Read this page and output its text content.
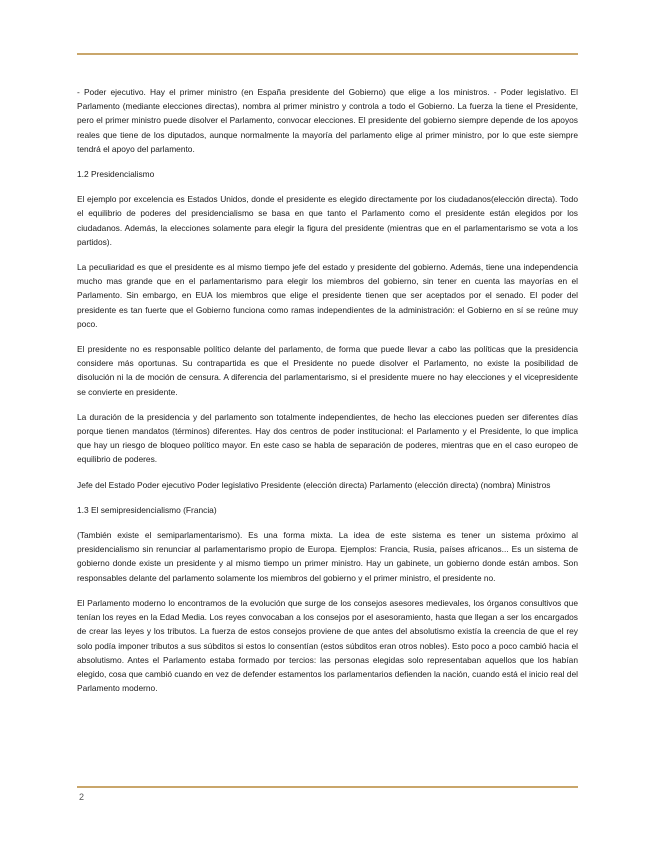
- Poder ejecutivo. Hay el primer ministro (en España presidente del Gobierno) que elige a los ministros. - Poder legislativo. El Parlamento (mediante elecciones directas), nombra al primer ministro y controla a todo el Gobierno. La fuerza la tiene el Presidente, pero el primer ministro puede disolver el Parlamento, convocar elecciones. El presidente del gobierno siempre depende de los apoyos reales que tiene de los diputados, aunque normalmente la mayoría del parlamento elige al primer ministro, por lo que este siempre tendrá el apoyo del parlamento.

1.2 Presidencialismo

El ejemplo por excelencia es Estados Unidos, donde el presidente es elegido directamente por los ciudadanos(elección directa). Todo el equilibrio de poderes del presidencialismo se basa en que tanto el Parlamento como el presidente están elegidos por los ciudadanos. Además, la elecciones solamente para elegir la figura del presidente (mientras que en el parlamentarismo se vota a los partidos).

La peculiaridad es que el presidente es al mismo tiempo jefe del estado y presidente del gobierno. Además, tiene una independencia mucho mas grande que en el parlamentarismo para elegir los miembros del gobierno, sin tener en cuenta las mayorías en el Parlamento. Sin embargo, en EUA los miembros que elige el presidente tienen que ser aceptados por el senado. El poder del presidente es tan fuerte que el Gobierno funciona como ramas independientes de la administración: el Gobierno en sí se reúne muy poco.

El presidente no es responsable político delante del parlamento, de forma que puede llevar a cabo las políticas que la presidencia considere más oportunas. Su contrapartida es que el Presidente no puede disolver el Parlamento, no existe la posibilidad de disolución ni la de moción de censura. A diferencia del parlamentarismo, si el presidente muere no hay elecciones y el vicepresidente se convierte en presidente.

La duración de la presidencia y del parlamento son totalmente independientes, de hecho las elecciones pueden ser diferentes días porque tienen mandatos (términos) diferentes. Hay dos centros de poder institucional: el Parlamento y el Presidente, lo que implica que hay un riesgo de bloqueo político mayor. En este caso se habla de separación de poderes, mientras que en el caso europeo de equilibrio de poderes.

Jefe del Estado Poder ejecutivo Poder legislativo Presidente (elección directa) Parlamento (elección directa) (nombra) Ministros

1.3 El semipresidencialismo (Francia)

(También existe el semiparlamentarismo). Es una forma mixta. La idea de este sistema es tener un sistema próximo al presidencialismo sin renunciar al parlamentarismo propio de Europa. Ejemplos: Francia, Rusia, países africanos... Es un sistema de gobierno donde existe un presidente y al mismo tiempo un primer ministro. Hay un gabinete, un gobierno donde están ambos. Son responsables delante del parlamento solamente los miembros del gobierno y el primer ministro, el presidente no.

El Parlamento moderno lo encontramos de la evolución que surge de los consejos asesores medievales, los órganos consultivos que tenían los reyes en la Edad Media. Los reyes convocaban a los consejos por el asesoramiento, hasta que llegan a ser los encargados de crear las leyes y los tributos. La fuerza de estos consejos proviene de que antes del absolutismo existía la creencia de que el rey solo podía imponer tributos a sus súbditos si estos lo consentían (estos súbditos eran otros nobles). Esto poco a poco cambió hacia el absolutismo. Antes el Parlamento estaba formado por tercios: las personas elegidas solo representaban aquellos que los habían elegido, cosa que cambió cuando en vez de defender estamentos los parlamentarios defienden la nación, cuando está el inicio real del Parlamento moderno.

2
